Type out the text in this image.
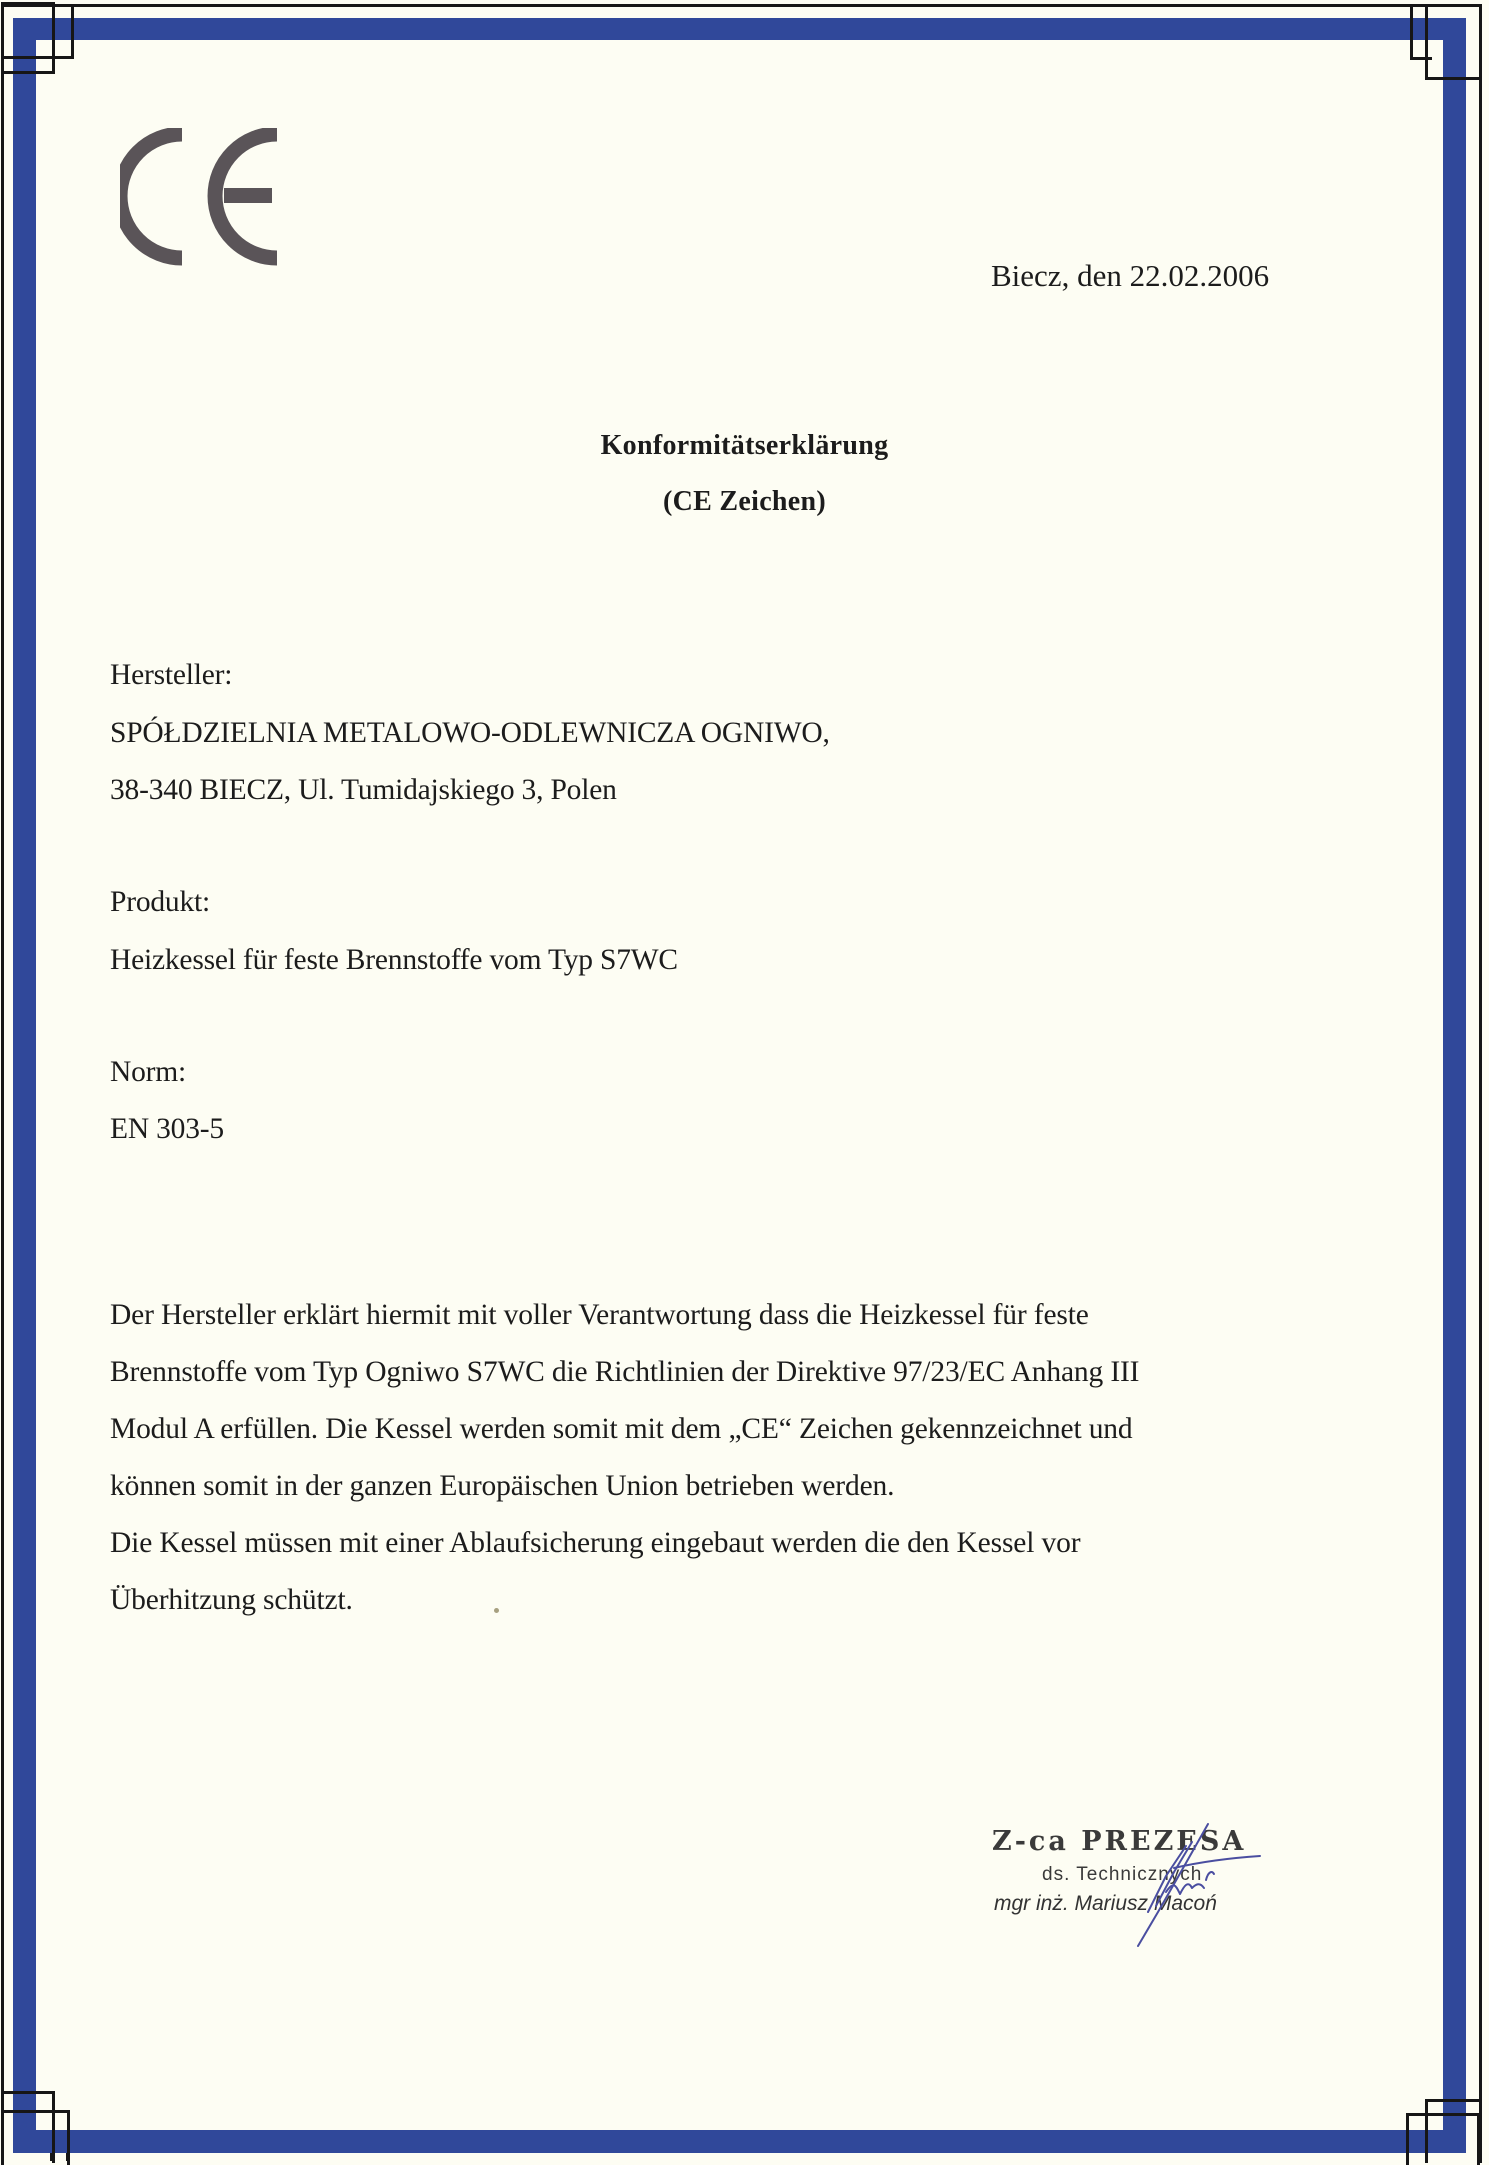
Biecz, den 22.02.2006
Konformitätserklärung
(CE Zeichen)
Hersteller:
SPÓŁDZIELNIA METALOWO-ODLEWNICZA OGNIWO,
38-340 BIECZ, Ul. Tumidajskiego 3, Polen
Produkt:
Heizkessel für feste Brennstoffe vom Typ S7WC
Norm:
EN 303-5
Der Hersteller erklärt hiermit mit voller Verantwortung dass die Heizkessel für feste
Brennstoffe vom Typ Ogniwo S7WC die Richtlinien der Direktive 97/23/EC Anhang III
Modul A erfüllen. Die Kessel werden somit mit dem „CE“ Zeichen gekennzeichnet und
können somit in der ganzen Europäischen Union betrieben werden.
Die Kessel müssen mit einer Ablaufsicherung eingebaut werden die den Kessel vor
Überhitzung schützt.
Z-ca PREZESA
ds. Technicznych
mgr inż. Mariusz Macoń
